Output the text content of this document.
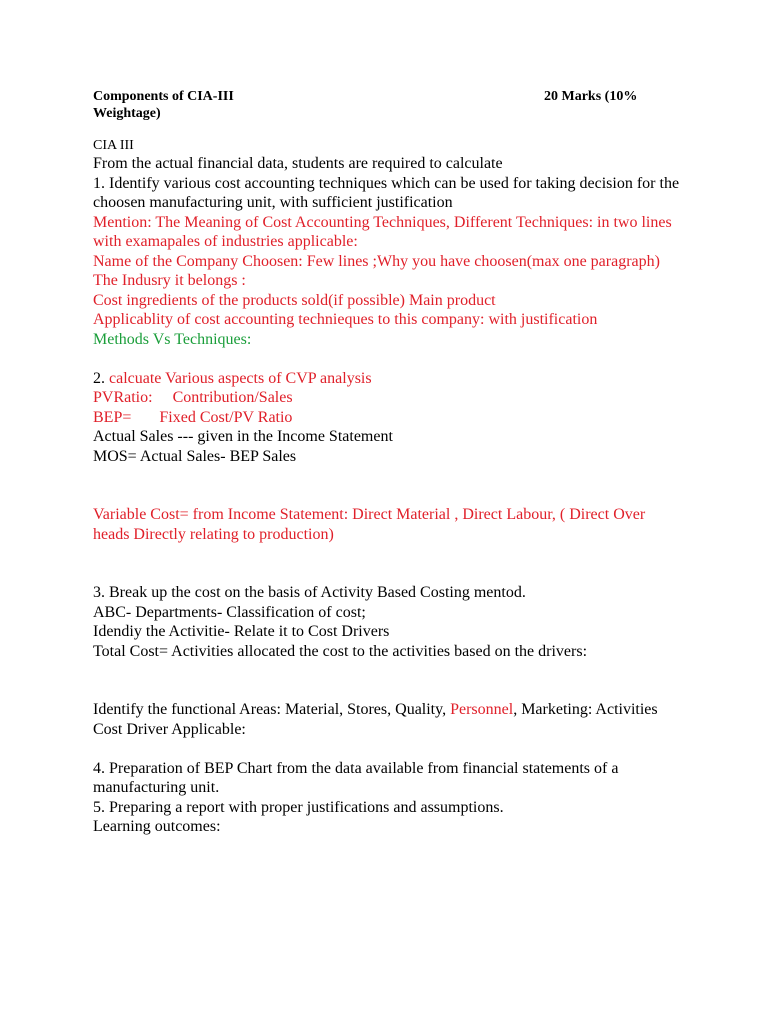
Components of CIA-III	20 Marks (10%
Weightage)
CIA III

From the actual financial data, students are required to calculate

1. Identify various cost accounting techniques which can be used for taking decision for the choosen manufacturing unit, with sufficient justification

Mention: The Meaning of Cost Accounting Techniques, Different Techniques: in two lines with examapales of industries applicable:

Name of the Company Choosen: Few lines ;Why you have choosen(max one paragraph)

The Indusry it belongs :

Cost ingredients of the products sold(if possible) Main product

Applicablity of cost accounting technieques to this company: with justification

Methods Vs Techniques:

2. calcuate Various aspects of CVP analysis

PVRatio:     Contribution/Sales

BEP=       Fixed Cost/PV Ratio

Actual Sales --- given in the Income Statement

MOS= Actual Sales- BEP Sales

Variable Cost= from Income Statement: Direct Material , Direct Labour, ( Direct Over heads Directly relating to production)

3. Break up the cost on the basis of Activity Based Costing mentod.

ABC- Departments- Classification of cost;

Idendiy the Activitie- Relate it to Cost Drivers

Total Cost= Activities allocated the cost to the activities based on the drivers:

Identify the functional Areas: Material, Stores, Quality, Personnel, Marketing: Activities

Cost Driver Applicable:

4. Preparation of BEP Chart from the data available from financial statements of a manufacturing unit.

5. Preparing a report with proper justifications and assumptions.

Learning outcomes:
